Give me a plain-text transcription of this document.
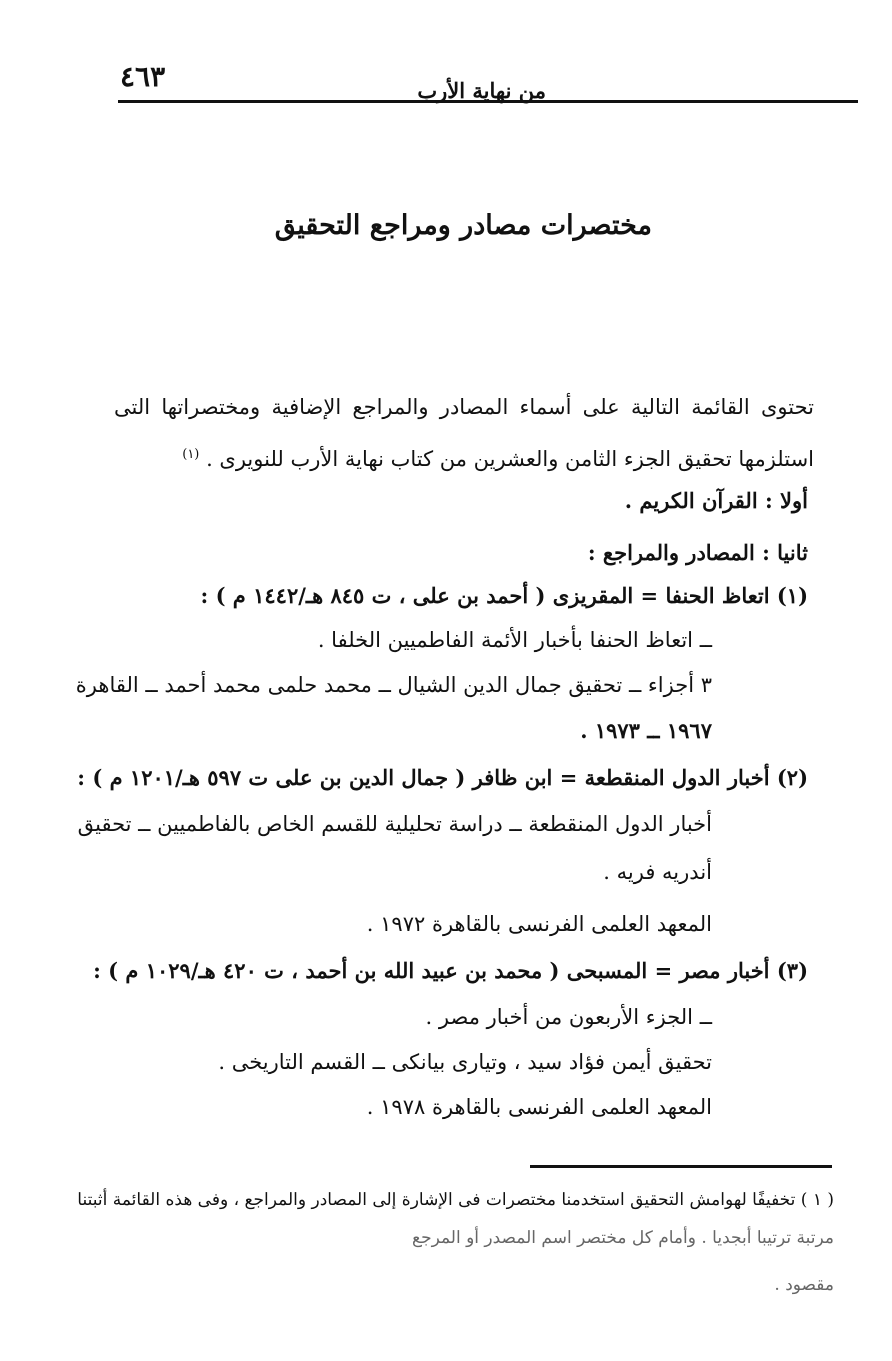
من نهاية الأرب
٤٦٣
مختصرات مصادر ومراجع التحقيق
تحتوى القائمة التالية على أسماء المصادر والمراجع الإضافية ومختصراتها التى استلزمها تحقيق الجزء الثامن والعشرين من كتاب نهاية الأرب للنويرى . $^{(١)}$
أولا : القرآن الكريم .
ثانيا : المصادر والمراجع :
(١) اتعاظ الحنفا = المقريزى ( أحمد بن على ، ت ٨٤٥ هـ/١٤٤٢ م ) :
ــ اتعاظ الحنفا بأخبار الأئمة الفاطميين الخلفا .
٣ أجزاء ــ تحقيق جمال الدين الشيال ــ محمد حلمى محمد أحمد ــ القاهرة
١٩٦٧ ــ ١٩٧٣ .
(٢) أخبار الدول المنقطعة = ابن ظافر ( جمال الدين بن على ت ٥٩٧ هـ/١٢٠١ م ) :
أخبار الدول المنقطعة ــ دراسة تحليلية للقسم الخاص بالفاطميين ــ تحقيق
أندريه فريه .
المعهد العلمى الفرنسى بالقاهرة ١٩٧٢ .
(٣) أخبار مصر = المسبحى ( محمد بن عبيد الله بن أحمد ، ت ٤٢٠ هـ/١٠٢٩ م ) :
ــ الجزء الأربعون من أخبار مصر .
تحقيق أيمن فؤاد سيد ، وتيارى بيانكى ــ القسم التاريخى .
المعهد العلمى الفرنسى بالقاهرة ١٩٧٨ .
( ١ ) تخفيفًا لهوامش التحقيق استخدمنا مختصرات فى الإشارة إلى المصادر والمراجع ، وفى هذه القائمة أثبتنا
مرتبة ترتيبا أبجديا . وأمام كل مختصر اسم المصدر أو المرجع
مقصود .
